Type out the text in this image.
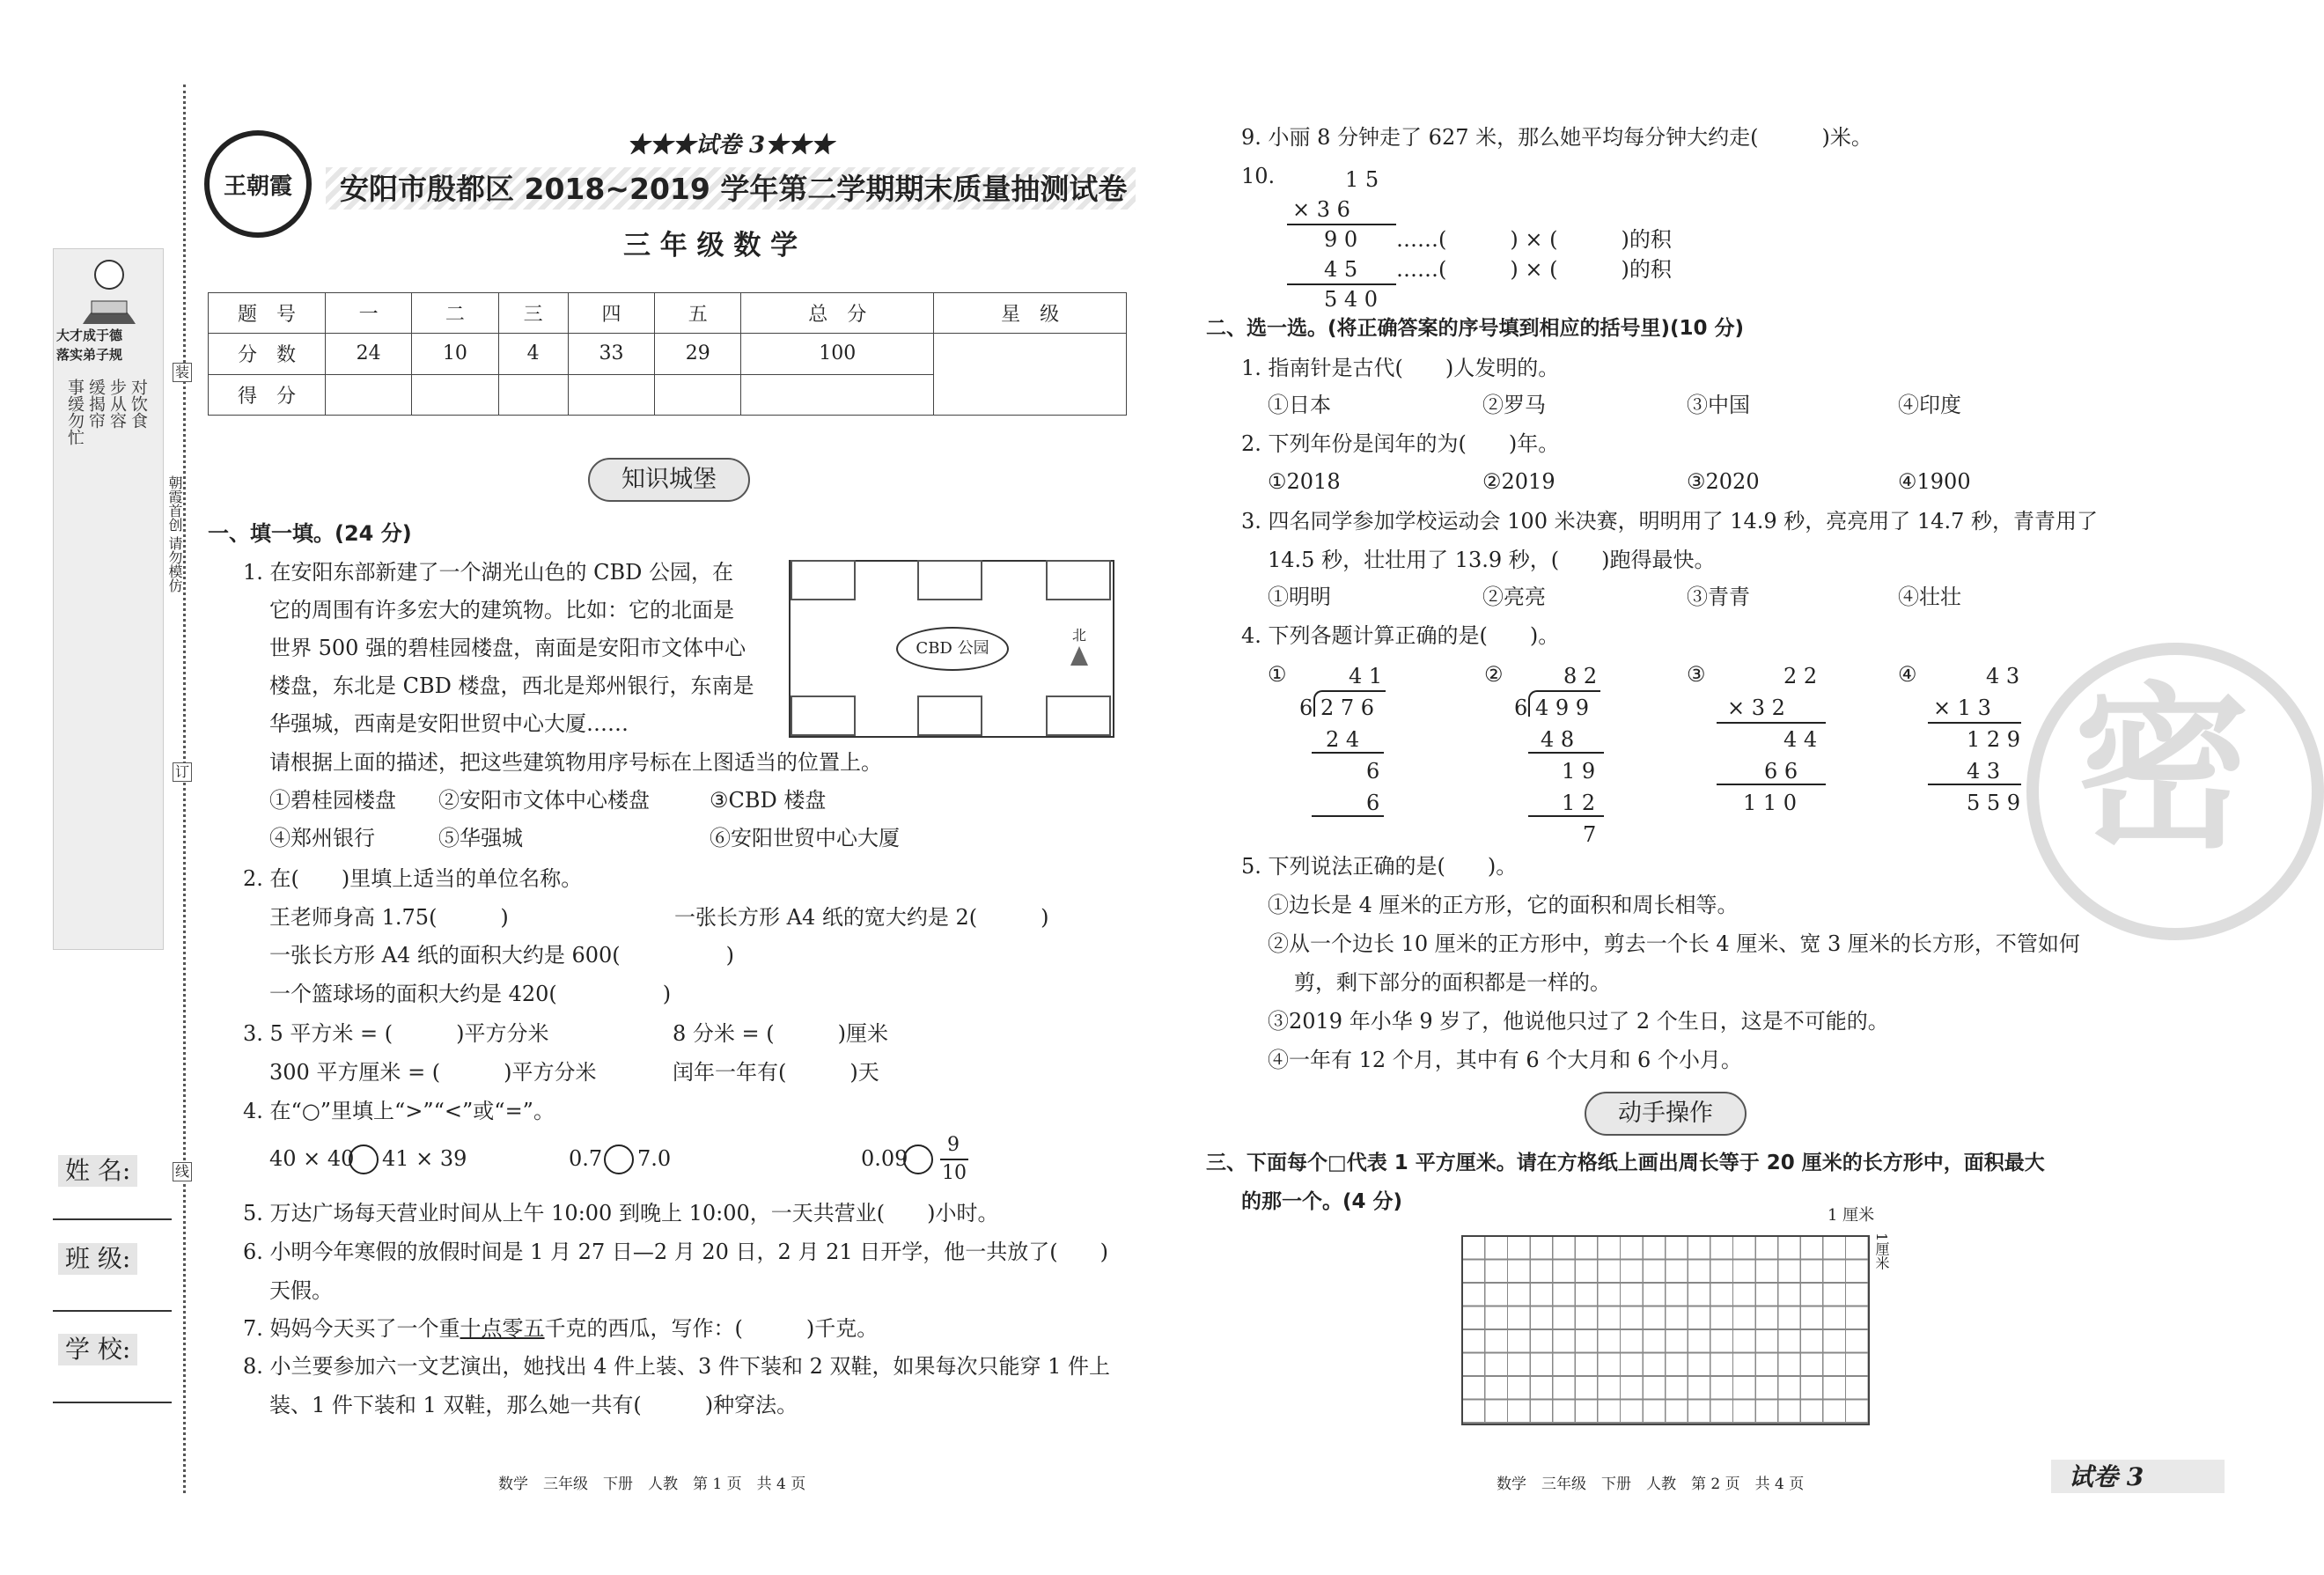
大才成于德
落实弟子规
事缓勿忙 缓揭帘 步从容 对饮食
装
订
线
朝霞首创 请勿模仿
姓 名:
班 级:
学 校:
王朝霞
★★★试卷 3★★★
安阳市殷都区 2018~2019 学年第二学期期末质量抽测试卷
三 年 级 数 学
题　号	一	二	三	四	五	总　分	星　级
分　数	24	10	4	33	29	100	
得　分							
知识城堡
一、填一填。(24 分)
1. 在安阳东部新建了一个湖光山色的 CBD 公园，在
它的周围有许多宏大的建筑物。比如：它的北面是
世界 500 强的碧桂园楼盘，南面是安阳市文体中心
楼盘，东北是 CBD 楼盘，西北是郑州银行，东南是
华强城，西南是安阳世贸中心大厦……
请根据上面的描述，把这些建筑物用序号标在上图适当的位置上。
CBD 公园
北
①碧桂园楼盘 ②安阳市文体中心楼盘	③CBD 楼盘
④郑州银行	⑤华强城	⑥安阳世贸中心大厦
2. 在(　　)里填上适当的单位名称。
王老师身高 1.75(　　　)	一张长方形 A4 纸的宽大约是 2(　　　)
一张长方形 A4 纸的面积大约是 600(　　　　　)
一个篮球场的面积大约是 420(　　　　　)
3. 5 平方米 = (　　　)平方分米	8 分米 = (　　　)厘米
300 平方厘米 = (　　　)平方分米	闰年一年有(　　　)天
4. 在“○”里填上“>”“<”或“=”。
40 × 40 41 × 39	0.7 7.0	0.09
9
10
5. 万达广场每天营业时间从上午 10:00 到晚上 10:00，一天共营业(　　)小时。
6. 小明今年寒假的放假时间是 1 月 27 日—2 月 20 日，2 月 21 日开学，他一共放了(　　)
天假。
7. 妈妈今天买了一个重十点零五千克的西瓜，写作：(　　　)千克。
8. 小兰要参加六一文艺演出，她找出 4 件上装、3 件下装和 2 双鞋，如果每次只能穿 1 件上
装、1 件下装和 1 双鞋，那么她一共有(　　　)种穿法。
数学　三年级　下册　人教　第 1 页　共 4 页
9. 小丽 8 分钟走了 627 米，那么她平均每分钟大约走(　　　)米。
10.	1 5
× 3 6
9 0 ……(　　　) × (　　　)的积
4 5 ……(　　　) × (　　　)的积
5 4 0
二、选一选。(将正确答案的序号填到相应的括号里)(10 分)
1. 指南针是古代(　　)人发明的。
①日本	②罗马	③中国	④印度
2. 下列年份是闰年的为(　　)年。
①2018	②2019	③2020	④1900
3. 四名同学参加学校运动会 100 米决赛，明明用了 14.9 秒，亮亮用了 14.7 秒，青青用了
14.5 秒，壮壮用了 13.9 秒，(　　)跑得最快。
①明明	②亮亮	③青青	④壮壮
4. 下列各题计算正确的是(　　)。
①	4 1
6 2 7 6
2 4
6
6
②	8 2
6 4 9 9
4 8
1 9
1 2
7
③	2 2
× 3 2
4 4
6 6
1 1 0
④	4 3
× 1 3
1 2 9
4 3
5 5 9
5. 下列说法正确的是(　　)。
①边长是 4 厘米的正方形，它的面积和周长相等。
②从一个边长 10 厘米的正方形中，剪去一个长 4 厘米、宽 3 厘米的长方形，不管如何
剪，剩下部分的面积都是一样的。
③2019 年小华 9 岁了，他说他只过了 2 个生日，这是不可能的。
④一年有 12 个月，其中有 6 个大月和 6 个小月。
动手操作
三、下面每个□代表 1 平方厘米。请在方格纸上画出周长等于 20 厘米的长方形中，面积最大
的那一个。(4 分)
1 厘米
1厘米
数学　三年级　下册　人教　第 2 页　共 4 页	试卷 3
密
